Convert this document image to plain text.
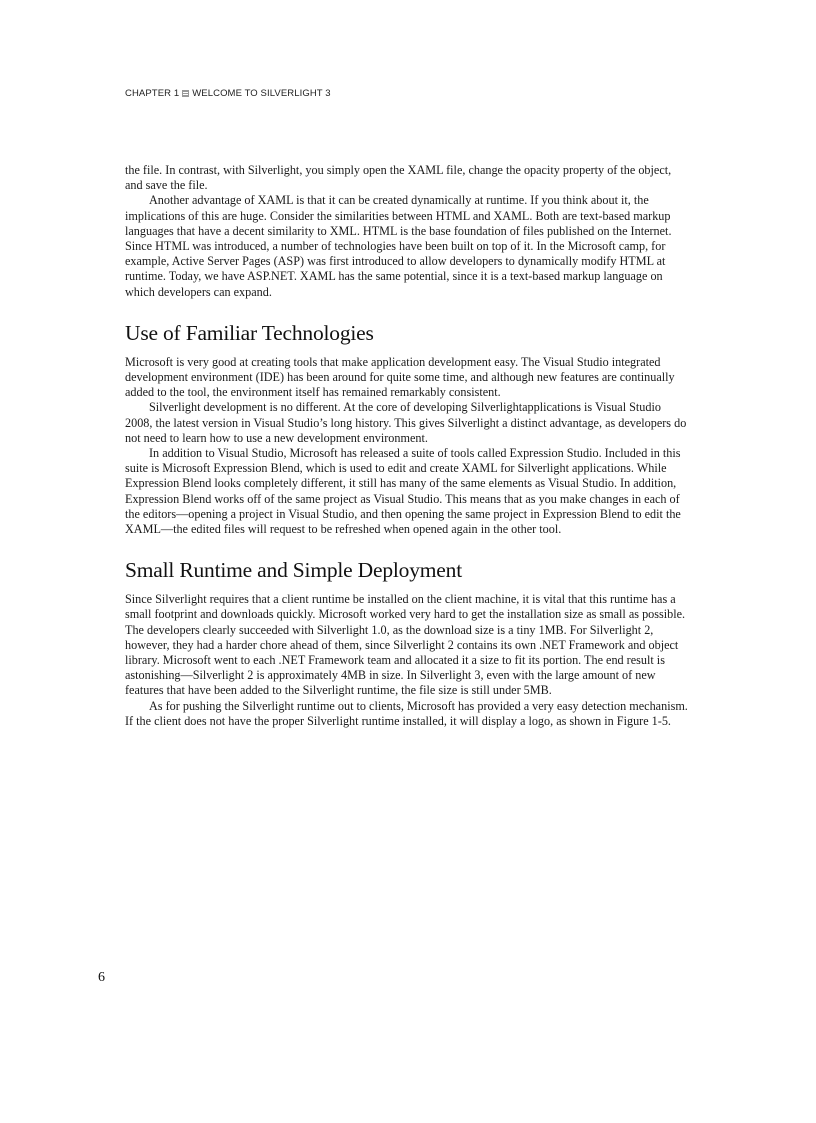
CHAPTER 1 WELCOME TO SILVERLIGHT 3

the file. In contrast, with Silverlight, you simply open the XAML file, change the opacity property of the object, and save the file.

Another advantage of XAML is that it can be created dynamically at runtime. If you think about it, the implications of this are huge. Consider the similarities between HTML and XAML. Both are text-based markup languages that have a decent similarity to XML. HTML is the base foundation of files published on the Internet. Since HTML was introduced, a number of technologies have been built on top of it. In the Microsoft camp, for example, Active Server Pages (ASP) was first introduced to allow developers to dynamically modify HTML at runtime. Today, we have ASP.NET. XAML has the same potential, since it is a text-based markup language on which developers can expand.

Use of Familiar Technologies

Microsoft is very good at creating tools that make application development easy. The Visual Studio integrated development environment (IDE) has been around for quite some time, and although new features are continually added to the tool, the environment itself has remained remarkably consistent.

Silverlight development is no different. At the core of developing Silverlightapplications is Visual Studio 2008, the latest version in Visual Studio’s long history. This gives Silverlight a distinct advantage, as developers do not need to learn how to use a new development environment.

In addition to Visual Studio, Microsoft has released a suite of tools called Expression Studio. Included in this suite is Microsoft Expression Blend, which is used to edit and create XAML for Silverlight applications. While Expression Blend looks completely different, it still has many of the same elements as Visual Studio. In addition, Expression Blend works off of the same project as Visual Studio. This means that as you make changes in each of the editors—opening a project in Visual Studio, and then opening the same project in Expression Blend to edit the XAML—the edited files will request to be refreshed when opened again in the other tool.

Small Runtime and Simple Deployment

Since Silverlight requires that a client runtime be installed on the client machine, it is vital that this runtime has a small footprint and downloads quickly. Microsoft worked very hard to get the installation size as small as possible. The developers clearly succeeded with Silverlight 1.0, as the download size is a tiny 1MB. For Silverlight 2, however, they had a harder chore ahead of them, since Silverlight 2 contains its own .NET Framework and object library. Microsoft went to each .NET Framework team and allocated it a size to fit its portion. The end result is astonishing—Silverlight 2 is approximately 4MB in size. In Silverlight 3, even with the large amount of new features that have been added to the Silverlight runtime, the file size is still under 5MB.

As for pushing the Silverlight runtime out to clients, Microsoft has provided a very easy detection mechanism. If the client does not have the proper Silverlight runtime installed, it will display a logo, as shown in Figure 1-5.

6
